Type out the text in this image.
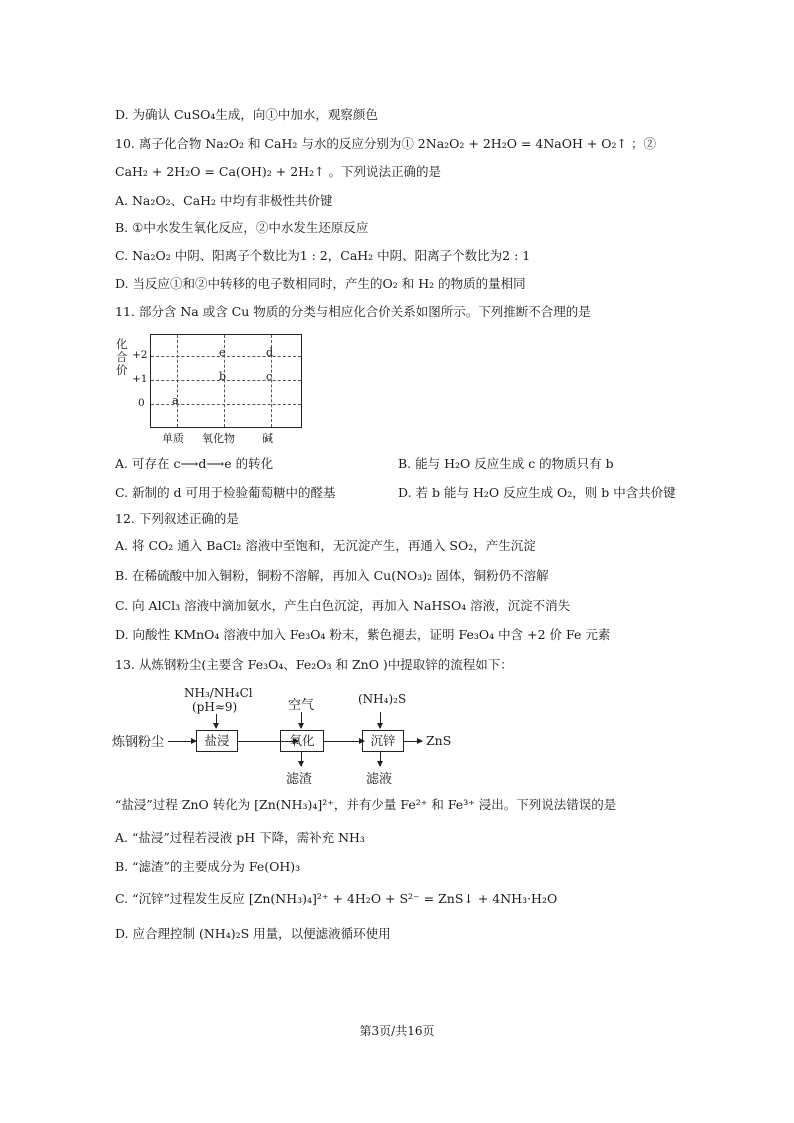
D. 为确认 CuSO₄生成，向①中加水，观察颜色
10. 离子化合物 Na₂O₂ 和 CaH₂ 与水的反应分别为① 2Na₂O₂ + 2H₂O = 4NaOH + O₂↑ ；②
CaH₂ + 2H₂O = Ca(OH)₂ + 2H₂↑ 。下列说法正确的是
A. Na₂O₂、CaH₂ 中均有非极性共价键
B. ①中水发生氧化反应，②中水发生还原反应
C. Na₂O₂ 中阴、阳离子个数比为1 : 2，CaH₂ 中阴、阳离子个数比为2 : 1
D. 当反应①和②中转移的电子数相同时，产生的O₂ 和 H₂ 的物质的量相同
11. 部分含 Na 或含 Cu 物质的分类与相应化合价关系如图所示。下列推断不合理的是
化合价
+2
+1
0
e	d
b	c
a
单质 氧化物 碱
A. 可存在 c⟶d⟶e 的转化	B. 能与 H₂O 反应生成 c 的物质只有 b
C. 新制的 d 可用于检验葡萄糖中的醛基	D. 若 b 能与 H₂O 反应生成 O₂，则 b 中含共价键
12. 下列叙述正确的是
A. 将 CO₂ 通入 BaCl₂ 溶液中至饱和，无沉淀产生，再通入 SO₂，产生沉淀
B. 在稀硫酸中加入铜粉，铜粉不溶解，再加入 Cu(NO₃)₂ 固体，铜粉仍不溶解
C. 向 AlCl₃ 溶液中滴加氨水，产生白色沉淀，再加入 NaHSO₄ 溶液，沉淀不消失
D. 向酸性 KMnO₄ 溶液中加入 Fe₃O₄ 粉末，紫色褪去，证明 Fe₃O₄ 中含 +2 价 Fe 元素
13. 从炼钢粉尘(主要含 Fe₃O₄、Fe₂O₃ 和 ZnO )中提取锌的流程如下：
炼钢粉尘
NH₃/NH₄Cl
(pH≈9)
盐浸
空气
氧化
滤渣
(NH₄)₂S
沉锌
滤液
ZnS
“盐浸”过程 ZnO 转化为 [Zn(NH₃)₄]²⁺，并有少量 Fe²⁺ 和 Fe³⁺ 浸出。下列说法错误的是
A. “盐浸”过程若浸液 pH 下降，需补充 NH₃
B. “滤渣”的主要成分为 Fe(OH)₃
C. “沉锌”过程发生反应 [Zn(NH₃)₄]²⁺ + 4H₂O + S²⁻ = ZnS↓ + 4NH₃·H₂O
D. 应合理控制 (NH₄)₂S 用量，以便滤液循环使用
第3页/共16页
